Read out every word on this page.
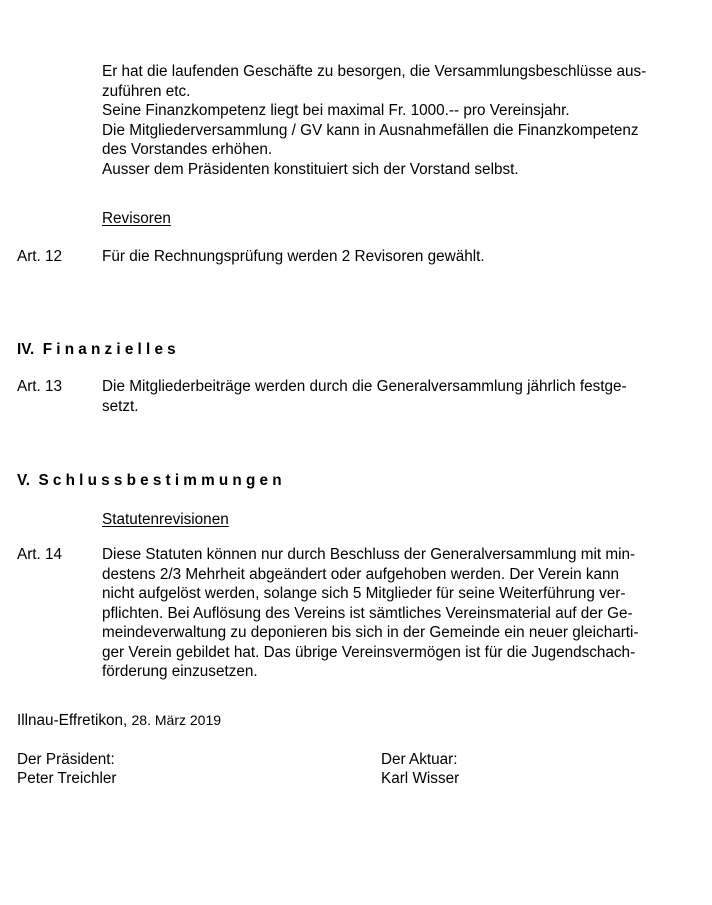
Er hat die laufenden Geschäfte zu besorgen, die Versammlungsbeschlüsse aus-
zuführen etc.
Seine Finanzkompetenz liegt bei maximal Fr. 1000.-- pro Vereinsjahr.
Die Mitgliederversammlung / GV kann in Ausnahmefällen die Finanzkompetenz
des Vorstandes erhöhen.
Ausser dem Präsidenten konstituiert sich der Vorstand selbst.
Revisoren
Art. 12	Für die Rechnungsprüfung werden 2 Revisoren gewählt.
IV. Finanzielles
Art. 13	Die Mitgliederbeiträge werden durch die Generalversammlung jährlich festge-
setzt.
V. Schlussbestimmungen
Statutenrevisionen
Art. 14	Diese Statuten können nur durch Beschluss der Generalversammlung mit min-
destens 2/3 Mehrheit abgeändert oder aufgehoben werden. Der Verein kann
nicht aufgelöst werden, solange sich 5 Mitglieder für seine Weiterführung ver-
pflichten. Bei Auflösung des Vereins ist sämtliches Vereinsmaterial auf der Ge-
meindeverwaltung zu deponieren bis sich in der Gemeinde ein neuer gleicharti-
ger Verein gebildet hat. Das übrige Vereinsvermögen ist für die Jugendschach-
förderung einzusetzen.
Illnau-Effretikon, 28. März 2019
Der Präsident:
Peter Treichler
Der Aktuar:
Karl Wisser
